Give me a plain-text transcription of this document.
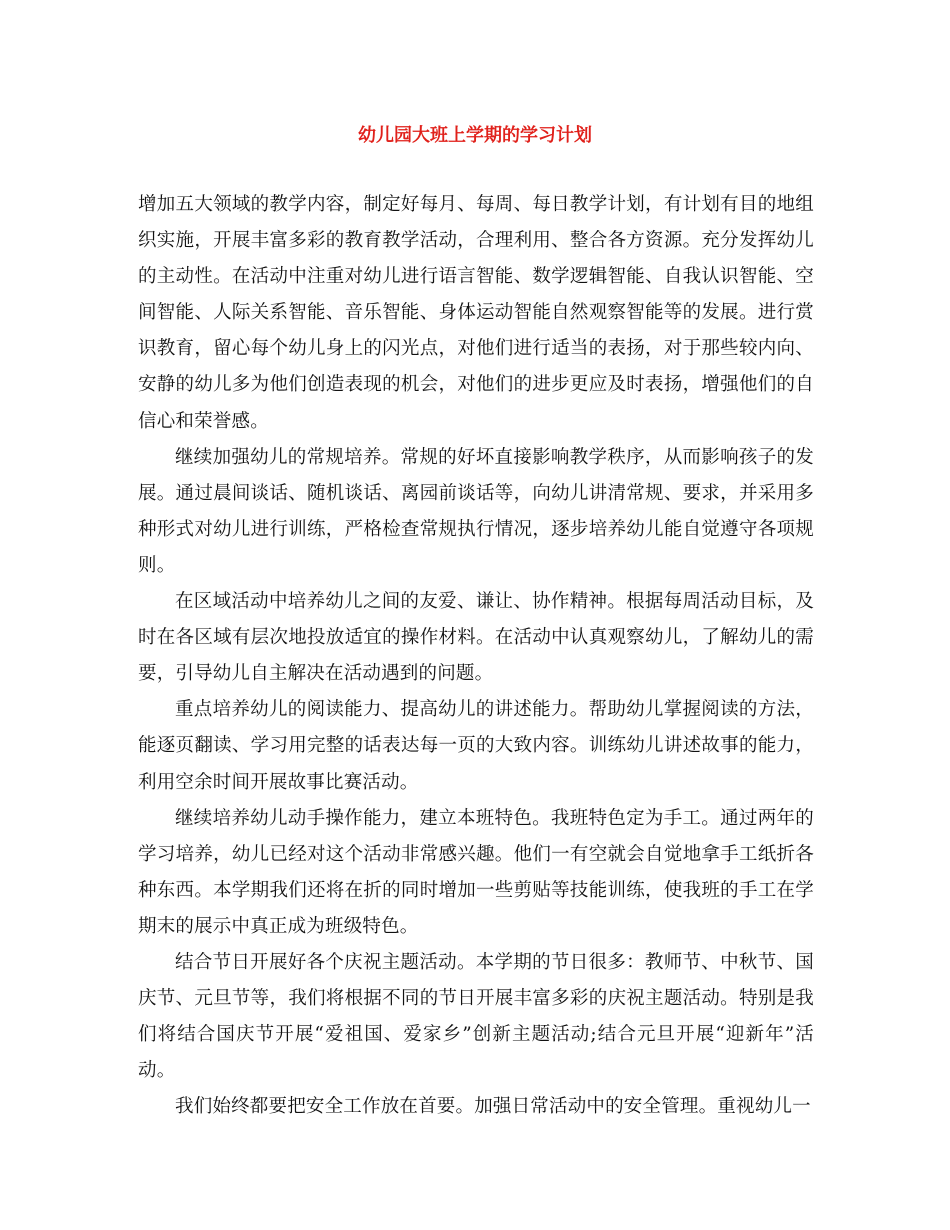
幼儿园大班上学期的学习计划

增加五大领域的教学内容，制定好每月、每周、每日教学计划，有计划有目的地组织实施，开展丰富多彩的教育教学活动，合理利用、整合各方资源。充分发挥幼儿的主动性。在活动中注重对幼儿进行语言智能、数学逻辑智能、自我认识智能、空间智能、人际关系智能、音乐智能、身体运动智能自然观察智能等的发展。进行赏识教育，留心每个幼儿身上的闪光点，对他们进行适当的表扬，对于那些较内向、安静的幼儿多为他们创造表现的机会，对他们的进步更应及时表扬，增强他们的自信心和荣誉感。

继续加强幼儿的常规培养。常规的好坏直接影响教学秩序，从而影响孩子的发展。通过晨间谈话、随机谈话、离园前谈话等，向幼儿讲清常规、要求，并采用多种形式对幼儿进行训练，严格检查常规执行情况，逐步培养幼儿能自觉遵守各项规则。

在区域活动中培养幼儿之间的友爱、谦让、协作精神。根据每周活动目标，及时在各区域有层次地投放适宜的操作材料。在活动中认真观察幼儿，了解幼儿的需要，引导幼儿自主解决在活动遇到的问题。

重点培养幼儿的阅读能力、提高幼儿的讲述能力。帮助幼儿掌握阅读的方法，能逐页翻读、学习用完整的话表达每一页的大致内容。训练幼儿讲述故事的能力，利用空余时间开展故事比赛活动。

继续培养幼儿动手操作能力，建立本班特色。我班特色定为手工。通过两年的学习培养，幼儿已经对这个活动非常感兴趣。他们一有空就会自觉地拿手工纸折各种东西。本学期我们还将在折的同时增加一些剪贴等技能训练，使我班的手工在学期末的展示中真正成为班级特色。

结合节日开展好各个庆祝主题活动。本学期的节日很多：教师节、中秋节、国庆节、元旦节等，我们将根据不同的节日开展丰富多彩的庆祝主题活动。特别是我们将结合国庆节开展“爱祖国、爱家乡”创新主题活动;结合元旦开展“迎新年”活动。

我们始终都要把安全工作放在首要。加强日常活动中的安全管理。重视幼儿一
